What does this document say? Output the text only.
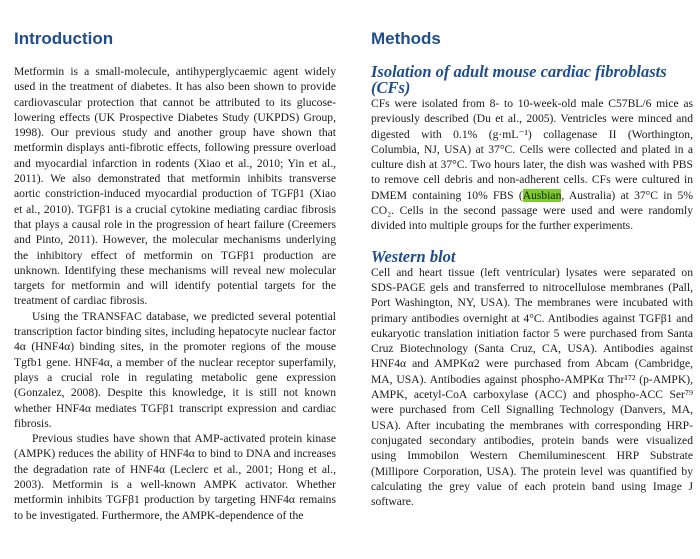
Introduction

Metformin is a small-molecule, antihyperglycaemic agent widely used in the treatment of diabetes. It has also been shown to provide cardiovascular protection that cannot be attributed to its glucose-lowering effects (UK Prospective Diabetes Study (UKPDS) Group, 1998). Our previous study and another group have shown that metformin displays anti-fibrotic effects, following pressure overload and myocardial infarction in rodents (Xiao et al., 2010; Yin et al., 2011). We also demonstrated that metformin inhibits transverse aortic constriction-induced myocardial production of TGFβ1 (Xiao et al., 2010). TGFβ1 is a crucial cytokine mediating cardiac fibrosis that plays a causal role in the progression of heart failure (Creemers and Pinto, 2011). However, the molecular mechanisms underlying the inhibitory effect of metformin on TGFβ1 production are unknown. Identifying these mechanisms will reveal new molecular targets for metformin and will identify potential targets for the treatment of cardiac fibrosis.

Using the TRANSFAC database, we predicted several potential transcription factor binding sites, including hepatocyte nuclear factor 4α (HNF4α) binding sites, in the promoter regions of the mouse Tgfb1 gene. HNF4α, a member of the nuclear receptor superfamily, plays a crucial role in regulating metabolic gene expression (Gonzalez, 2008). Despite this knowledge, it is still not known whether HNF4α mediates TGFβ1 transcript expression and cardiac fibrosis.

Previous studies have shown that AMP-activated protein kinase (AMPK) reduces the ability of HNF4α to bind to DNA and increases the degradation rate of HNF4α (Leclerc et al., 2001; Hong et al., 2003). Metformin is a well-known AMPK activator. Whether metformin inhibits TGFβ1 production by targeting HNF4α remains to be investigated. Furthermore, the AMPK-dependence of the

Methods
Isolation of adult mouse cardiac fibroblasts (CFs)

CFs were isolated from 8- to 10-week-old male C57BL/6 mice as previously described (Du et al., 2005). Ventricles were minced and digested with 0.1% (g·mL⁻¹) collagenase II (Worthington, Columbia, NJ, USA) at 37°C. Cells were collected and plated in a culture dish at 37°C. Two hours later, the dish was washed with PBS to remove cell debris and non-adherent cells. CFs were cultured in DMEM containing 10% FBS (Ausbian, Australia) at 37°C in 5% CO₂. Cells in the second passage were used and were randomly divided into multiple groups for the further experiments.

Western blot

Cell and heart tissue (left ventricular) lysates were separated on SDS-PAGE gels and transferred to nitrocellulose membranes (Pall, Port Washington, NY, USA). The membranes were incubated with primary antibodies overnight at 4°C. Antibodies against TGFβ1 and eukaryotic translation initiation factor 5 were purchased from Santa Cruz Biotechnology (Santa Cruz, CA, USA). Antibodies against HNF4α and AMPKα2 were purchased from Abcam (Cambridge, MA, USA). Antibodies against phospho-AMPKα Thr¹⁷² (p-AMPK), AMPK, acetyl-CoA carboxylase (ACC) and phospho-ACC Ser⁷⁹ were purchased from Cell Signalling Technology (Danvers, MA, USA). After incubating the membranes with corresponding HRP-conjugated secondary antibodies, protein bands were visualized using Immobilon Western Chemiluminescent HRP Substrate (Millipore Corporation, USA). The protein level was quantified by calculating the grey value of each protein band using Image J software.
